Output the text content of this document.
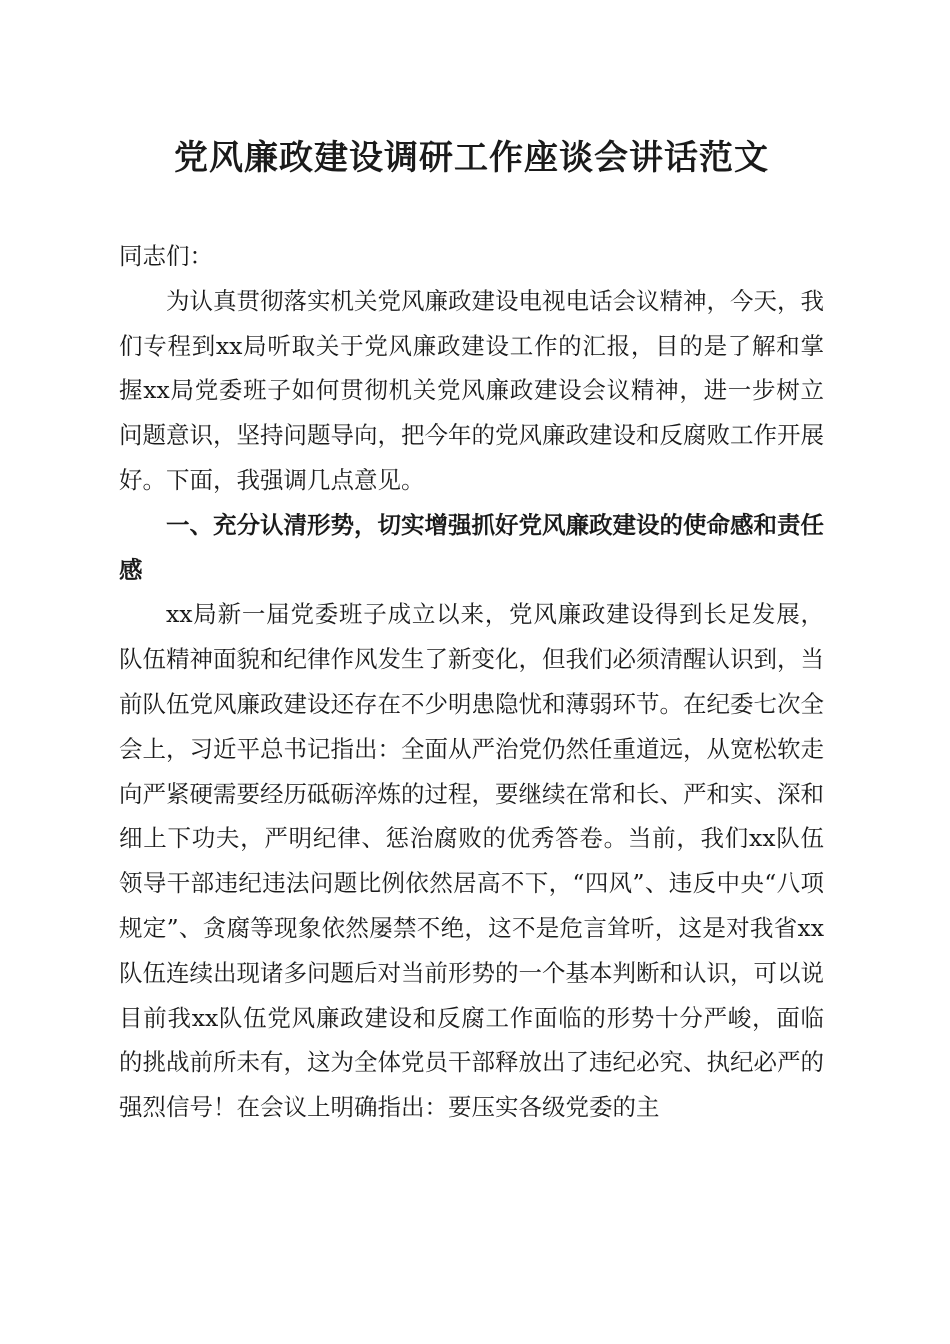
党风廉政建设调研工作座谈会讲话范文

同志们：

为认真贯彻落实机关党风廉政建设电视电话会议精神，今天，我们专程到xx局听取关于党风廉政建设工作的汇报，目的是了解和掌握xx局党委班子如何贯彻机关党风廉政建设会议精神，进一步树立问题意识，坚持问题导向，把今年的党风廉政建设和反腐败工作开展好。下面，我强调几点意见。

一、充分认清形势，切实增强抓好党风廉政建设的使命感和责任感

xx局新一届党委班子成立以来，党风廉政建设得到长足发展，队伍精神面貌和纪律作风发生了新变化，但我们必须清醒认识到，当前队伍党风廉政建设还存在不少明患隐忧和薄弱环节。在纪委七次全会上，习近平总书记指出：全面从严治党仍然任重道远，从宽松软走向严紧硬需要经历砥砺淬炼的过程，要继续在常和长、严和实、深和细上下功夫，严明纪律、惩治腐败的优秀答卷。当前，我们xx队伍领导干部违纪违法问题比例依然居高不下，“四风”、违反中央“八项规定”、贪腐等现象依然屡禁不绝，这不是危言耸听，这是对我省xx队伍连续出现诸多问题后对当前形势的一个基本判断和认识，可以说目前我xx队伍党风廉政建设和反腐工作面临的形势十分严峻，面临的挑战前所未有，这为全体党员干部释放出了违纪必究、执纪必严的强烈信号！在会议上明确指出：要压实各级党委的主
